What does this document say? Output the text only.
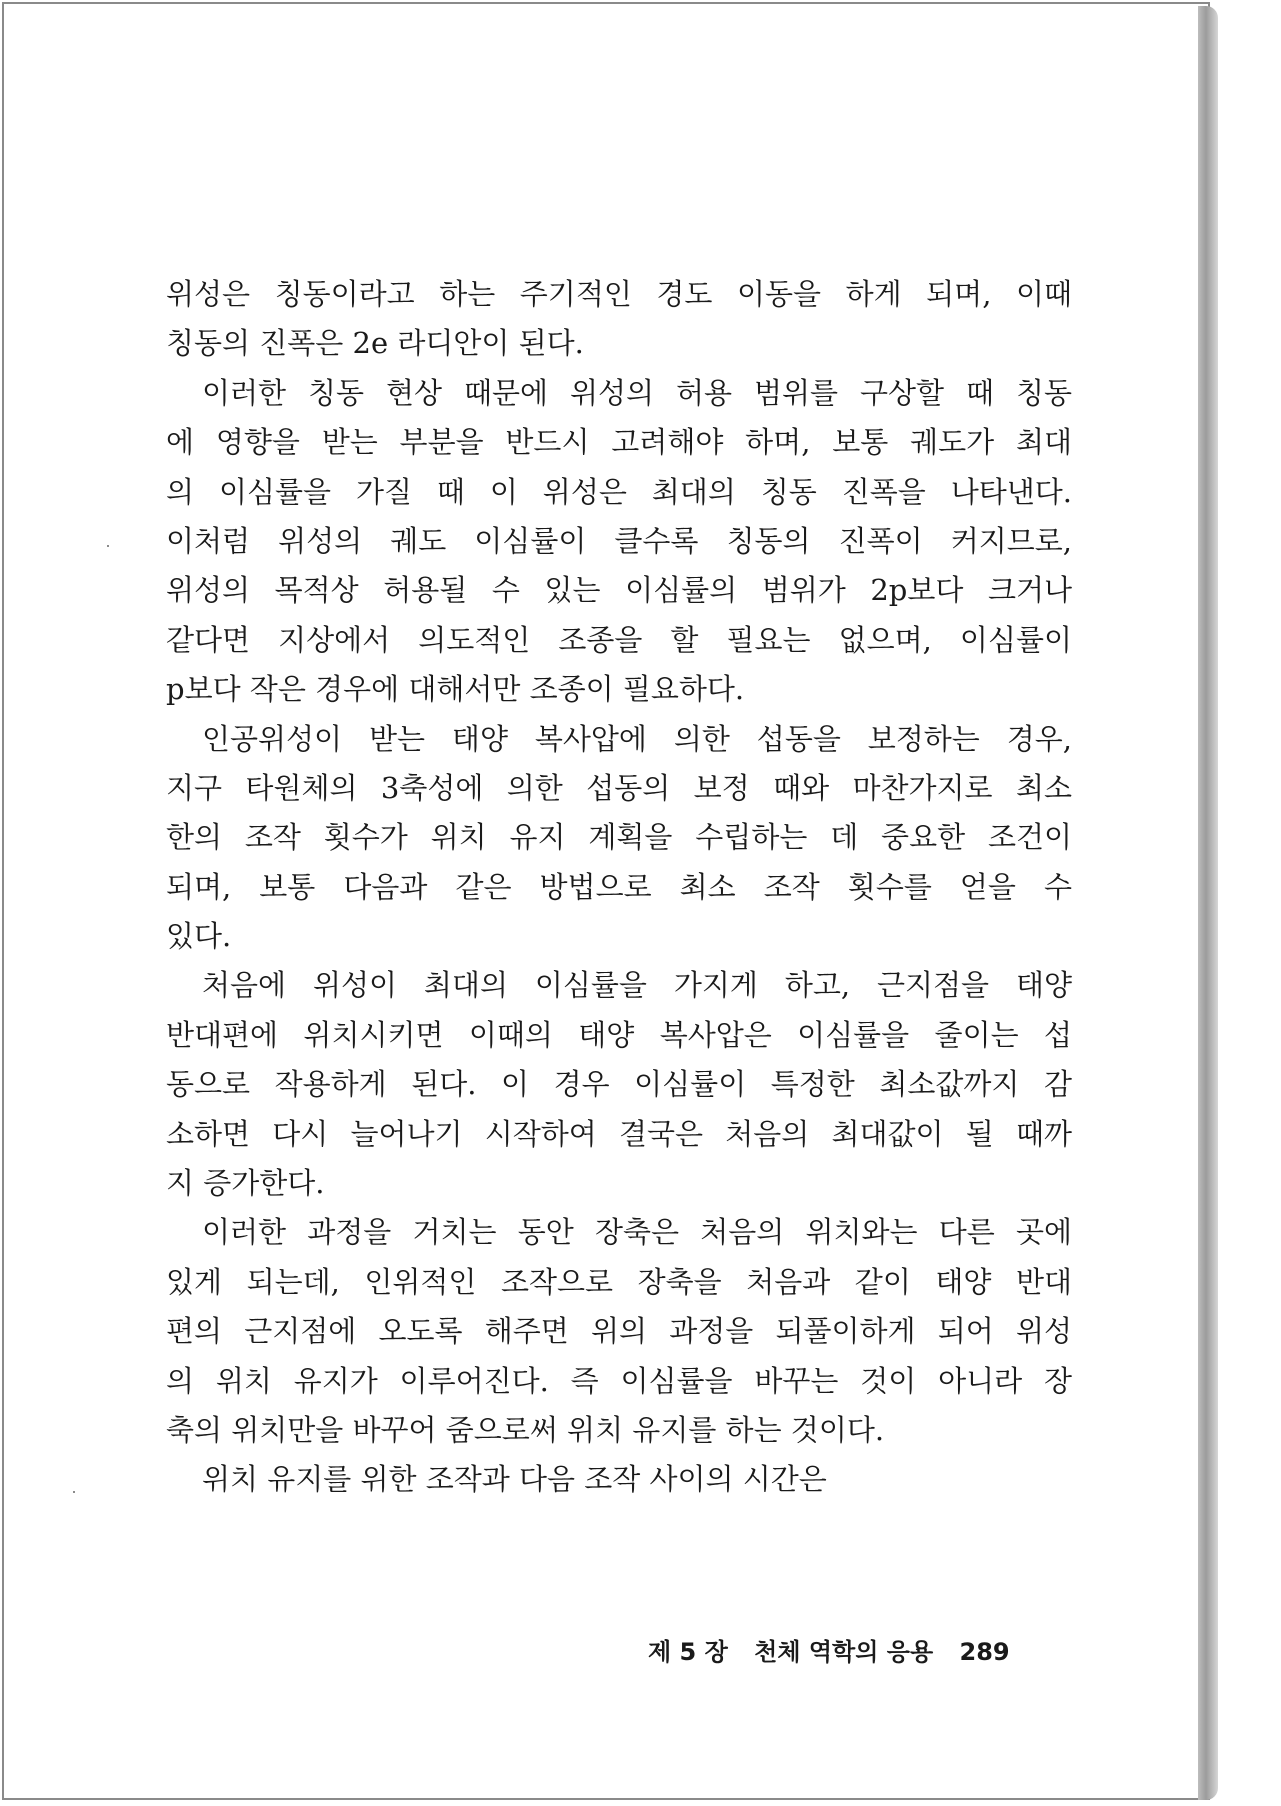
위성은 칭동이라고 하는 주기적인 경도 이동을 하게 되며, 이때
칭동의 진폭은 2e 라디안이 된다.
이러한 칭동 현상 때문에 위성의 허용 범위를 구상할 때 칭동
에 영향을 받는 부분을 반드시 고려해야 하며, 보통 궤도가 최대
의 이심률을 가질 때 이 위성은 최대의 칭동 진폭을 나타낸다.
이처럼 위성의 궤도 이심률이 클수록 칭동의 진폭이 커지므로,
위성의 목적상 허용될 수 있는 이심률의 범위가 2p보다 크거나
같다면 지상에서 의도적인 조종을 할 필요는 없으며, 이심률이
p보다 작은 경우에 대해서만 조종이 필요하다.
인공위성이 받는 태양 복사압에 의한 섭동을 보정하는 경우,
지구 타원체의 3축성에 의한 섭동의 보정 때와 마찬가지로 최소
한의 조작 횟수가 위치 유지 계획을 수립하는 데 중요한 조건이
되며, 보통 다음과 같은 방법으로 최소 조작 횟수를 얻을 수
있다.
처음에 위성이 최대의 이심률을 가지게 하고, 근지점을 태양
반대편에 위치시키면 이때의 태양 복사압은 이심률을 줄이는 섭
동으로 작용하게 된다. 이 경우 이심률이 특정한 최소값까지 감
소하면 다시 늘어나기 시작하여 결국은 처음의 최대값이 될 때까
지 증가한다.
이러한 과정을 거치는 동안 장축은 처음의 위치와는 다른 곳에
있게 되는데, 인위적인 조작으로 장축을 처음과 같이 태양 반대
편의 근지점에 오도록 해주면 위의 과정을 되풀이하게 되어 위성
의 위치 유지가 이루어진다. 즉 이심률을 바꾸는 것이 아니라 장
축의 위치만을 바꾸어 줌으로써 위치 유지를 하는 것이다.
위치 유지를 위한 조작과 다음 조작 사이의 시간은
제 5 장 천체 역학의 응용 289
